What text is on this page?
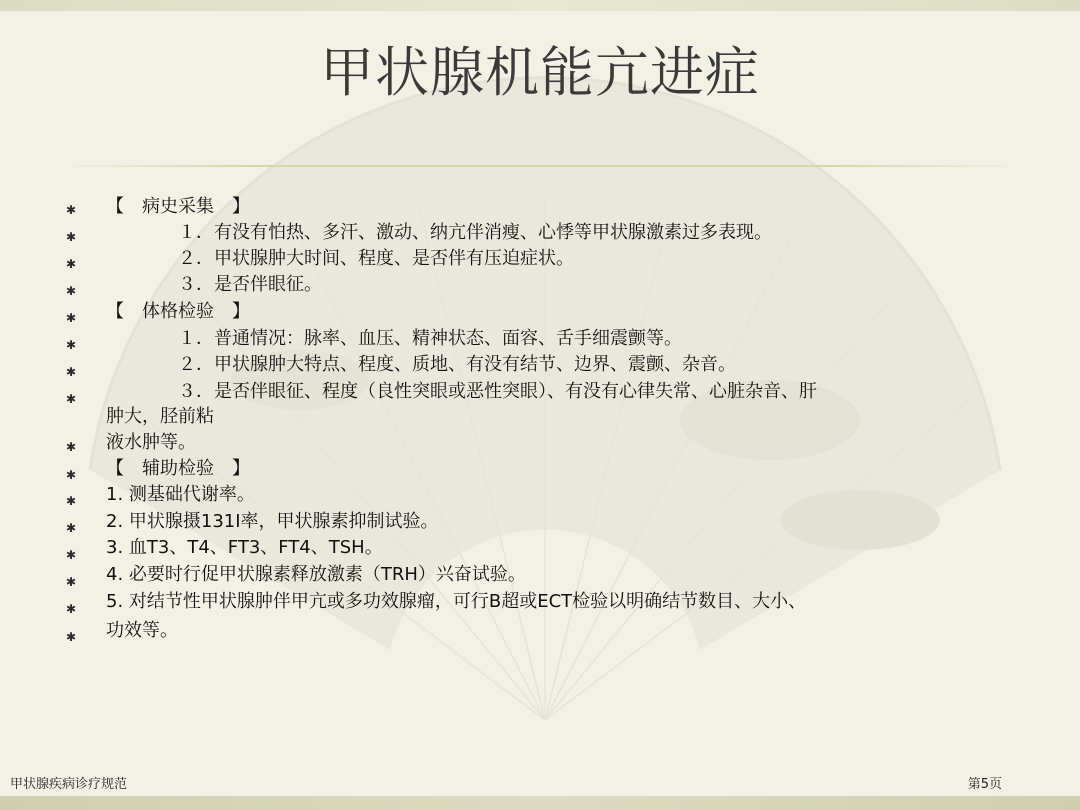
甲状腺机能亢进症
✱
✱
✱
✱
✱
✱
✱
✱
✱
✱
✱
✱
✱
✱
✱
✱
【　病史采集　】
　　　　１．有没有怕热、多汗、激动、纳亢伴消瘦、心悸等甲状腺激素过多表现。
　　　　２．甲状腺肿大时间、程度、是否伴有压迫症状。
　　　　３．是否伴眼征。
【　体格检验　】
　　　　１．普通情况：脉率、血压、精神状态、面容、舌手细震颤等。
　　　　２．甲状腺肿大特点、程度、质地、有没有结节、边界、震颤、杂音。
　　　　３．是否伴眼征、程度（良性突眼或恶性突眼）、有没有心律失常、心脏杂音、肝
肿大，胫前粘
液水肿等。
【　辅助检验　】
1. 测基础代谢率。
2. 甲状腺摄131I率，甲状腺素抑制试验。
3. 血T3、T4、FT3、FT4、TSH。
4. 必要时行促甲状腺素释放激素（TRH）兴奋试验。
5. 对结节性甲状腺肿伴甲亢或多功效腺瘤，可行B超或ECT检验以明确结节数目、大小、
功效等。
甲状腺疾病诊疗规范	第5页
